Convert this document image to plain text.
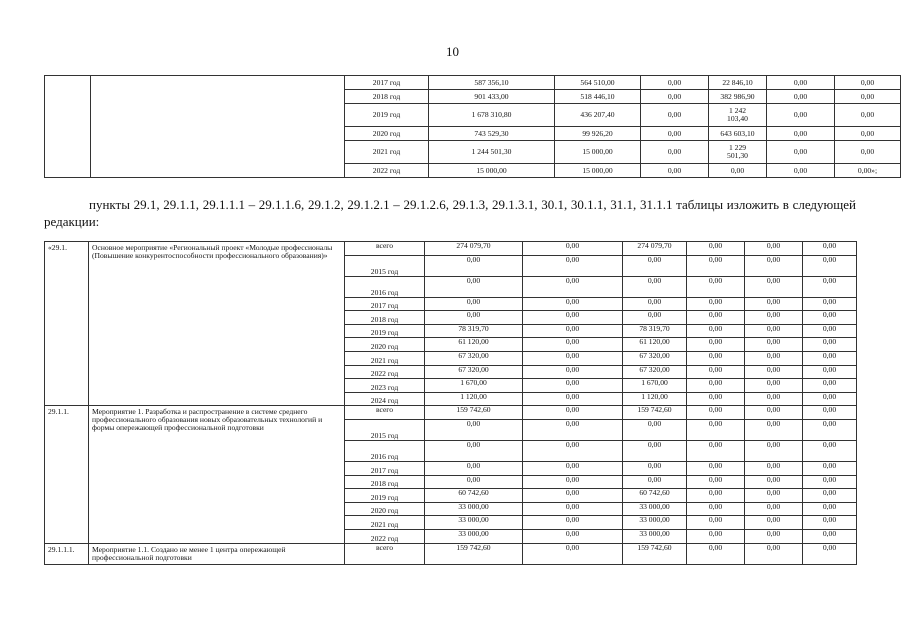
10
		2017 год	587 356,10	564 510,00	0,00	22 846,10	0,00	0,00
		2018 год	901 433,00	518 446,10	0,00	382 986,90	0,00	0,00
		2019 год	1 678 310,80	436 207,40	0,00	1 242 103,40	0,00	0,00
		2020 год	743 529,30	99 926,20	0,00	643 603,10	0,00	0,00
		2021 год	1 244 501,30	15 000,00	0,00	1 229 501,30	0,00	0,00
		2022 год	15 000,00	15 000,00	0,00	0,00	0,00	0,00»;
пункты 29.1, 29.1.1, 29.1.1.1 – 29.1.1.6, 29.1.2, 29.1.2.1 – 29.1.2.6, 29.1.3, 29.1.3.1, 30.1, 30.1.1, 31.1, 31.1.1 таблицы изложить в следующей редакции:
«29.1.	Основное мероприятие «Региональный проект «Молодые профессионалы (Повышение конкурентоспособности профессионального образования)»	всего	274 079,70	0,00	274 079,70	0,00	0,00	0,00
		2015 год	0,00	0,00	0,00	0,00	0,00	0,00
		2016 год	0,00	0,00	0,00	0,00	0,00	0,00
		2017 год	0,00	0,00	0,00	0,00	0,00	0,00
		2018 год	0,00	0,00	0,00	0,00	0,00	0,00
		2019 год	78 319,70	0,00	78 319,70	0,00	0,00	0,00
		2020 год	61 120,00	0,00	61 120,00	0,00	0,00	0,00
		2021 год	67 320,00	0,00	67 320,00	0,00	0,00	0,00
		2022 год	67 320,00	0,00	67 320,00	0,00	0,00	0,00
		2023 год	1 670,00	0,00	1 670,00	0,00	0,00	0,00
		2024 год	1 120,00	0,00	1 120,00	0,00	0,00	0,00
29.1.1.	Мероприятие 1. Разработка и распространение в системе среднего профессионального образования новых образовательных технологий и формы опережающей профессиональной подготовки	всего	159 742,60	0,00	159 742,60	0,00	0,00	0,00
		2015 год	0,00	0,00	0,00	0,00	0,00	0,00
		2016 год	0,00	0,00	0,00	0,00	0,00	0,00
		2017 год	0,00	0,00	0,00	0,00	0,00	0,00
		2018 год	0,00	0,00	0,00	0,00	0,00	0,00
		2019 год	60 742,60	0,00	60 742,60	0,00	0,00	0,00
		2020 год	33 000,00	0,00	33 000,00	0,00	0,00	0,00
		2021 год	33 000,00	0,00	33 000,00	0,00	0,00	0,00
		2022 год	33 000,00	0,00	33 000,00	0,00	0,00	0,00
29.1.1.1.	Мероприятие 1.1. Создано не менее 1 центра опережающей профессиональной подготовки	всего	159 742,60	0,00	159 742,60	0,00	0,00	0,00
